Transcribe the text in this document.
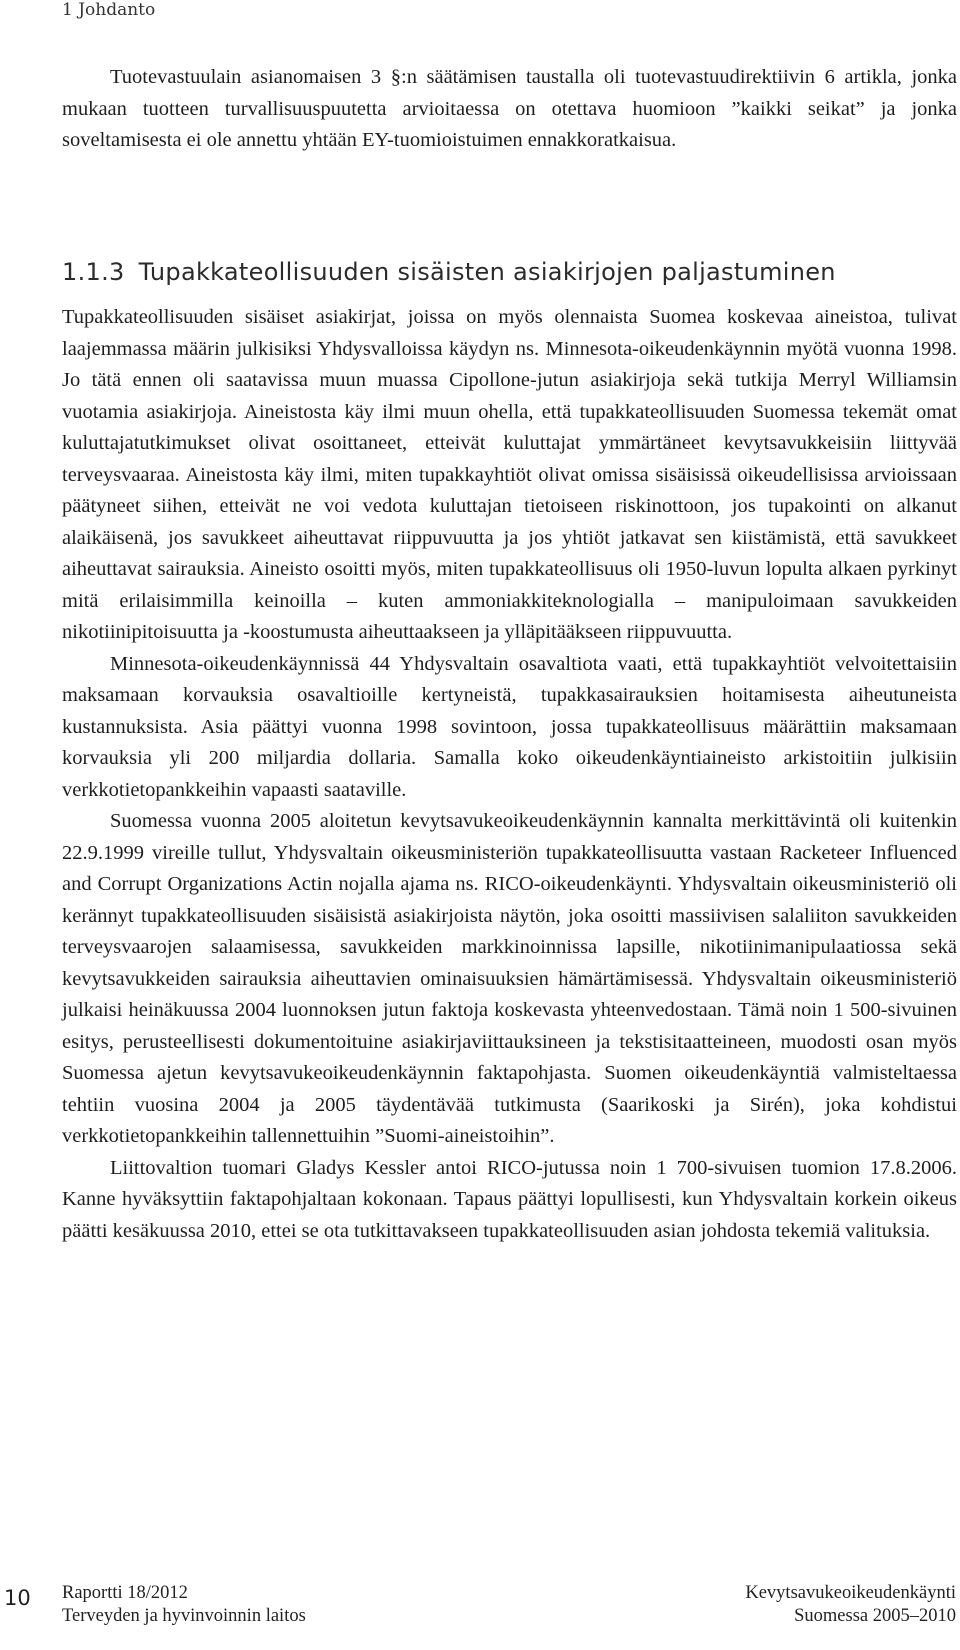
1 Johdanto

Tuotevastuulain asianomaisen 3 §:n säätämisen taustalla oli tuotevastuudirektiivin 6 artikla, jonka mukaan tuotteen turvallisuuspuutetta arvioitaessa on otettava huomioon ”kaikki seikat” ja jonka soveltamisesta ei ole annettu yhtään EY-tuomioistuimen ennakkoratkaisua.

1.1.3 Tupakkateollisuuden sisäisten asiakirjojen paljastuminen

Tupakkateollisuuden sisäiset asiakirjat, joissa on myös olennaista Suomea koskevaa aineistoa, tulivat laajemmassa määrin julkisiksi Yhdysvalloissa käydyn ns. Minnesota-oikeudenkäynnin myötä vuonna 1998. Jo tätä ennen oli saatavissa muun muassa Cipollone-jutun asiakirjoja sekä tutkija Merryl Williamsin vuotamia asiakirjoja. Aineistosta käy ilmi muun ohella, että tupakkateollisuuden Suomessa tekemät omat kuluttajatutkimukset olivat osoittaneet, etteivät kuluttajat ymmärtäneet kevytsavukkeisiin liittyvää terveysvaaraa. Aineistosta käy ilmi, miten tupakkayhtiöt olivat omissa sisäisissä oikeudellisissa arvioissaan päätyneet siihen, etteivät ne voi vedota kuluttajan tietoiseen riskinottoon, jos tupakointi on alkanut alaikäisenä, jos savukkeet aiheuttavat riippuvuutta ja jos yhtiöt jatkavat sen kiistämistä, että savukkeet aiheuttavat sairauksia. Aineisto osoitti myös, miten tupakkateollisuus oli 1950-luvun lopulta alkaen pyrkinyt mitä erilaisimmilla keinoilla – kuten ammoniakkiteknologialla – manipuloimaan savukkeiden nikotiinipitoisuutta ja -koostumusta aiheuttaakseen ja ylläpitääkseen riippuvuutta.

Minnesota-oikeudenkäynnissä 44 Yhdysvaltain osavaltiota vaati, että tupakkayhtiöt velvoitettaisiin maksamaan korvauksia osavaltioille kertyneistä, tupakkasairauksien hoitamisesta aiheutuneista kustannuksista. Asia päättyi vuonna 1998 sovintoon, jossa tupakkateollisuus määrättiin maksamaan korvauksia yli 200 miljardia dollaria. Samalla koko oikeudenkäyntiaineisto arkistoitiin julkisiin verkkotietopankkeihin vapaasti saataville.

Suomessa vuonna 2005 aloitetun kevytsavukeoikeudenkäynnin kannalta merkittävintä oli kuitenkin 22.9.1999 vireille tullut, Yhdysvaltain oikeusministeriön tupakkateollisuutta vastaan Racketeer Influenced and Corrupt Organizations Actin nojalla ajama ns. RICO-oikeudenkäynti. Yhdysvaltain oikeusministeriö oli kerännyt tupakkateollisuuden sisäisistä asiakirjoista näytön, joka osoitti massiivisen salaliiton savukkeiden terveysvaarojen salaamisessa, savukkeiden markkinoinnissa lapsille, nikotiinimanipulaatiossa sekä kevytsavukkeiden sairauksia aiheuttavien ominaisuuksien hämärtämisessä. Yhdysvaltain oikeusministeriö julkaisi heinäkuussa 2004 luonnoksen jutun faktoja koskevasta yhteenvedostaan. Tämä noin 1 500-sivuinen esitys, perusteellisesti dokumentoituine asiakirjaviittauksineen ja tekstisitaatteineen, muodosti osan myös Suomessa ajetun kevytsavukeoikeudenkäynnin faktapohjasta. Suomen oikeudenkäyntiä valmisteltaessa tehtiin vuosina 2004 ja 2005 täydentävää tutkimusta (Saarikoski ja Sirén), joka kohdistui verkkotietopankkeihin tallennettuihin ”Suomi-aineistoihin”.

Liittovaltion tuomari Gladys Kessler antoi RICO-jutussa noin 1 700-sivuisen tuomion 17.8.2006. Kanne hyväksyttiin faktapohjaltaan kokonaan. Tapaus päättyi lopullisesti, kun Yhdysvaltain korkein oikeus päätti kesäkuussa 2010, ettei se ota tutkittavakseen tupakkateollisuuden asian johdosta tekemiä valituksia.

10 Raportti 18/2012
Terveyden ja hyvinvoinnin laitos
Kevytsavukeoikeudenkäynti
Suomessa 2005–2010
